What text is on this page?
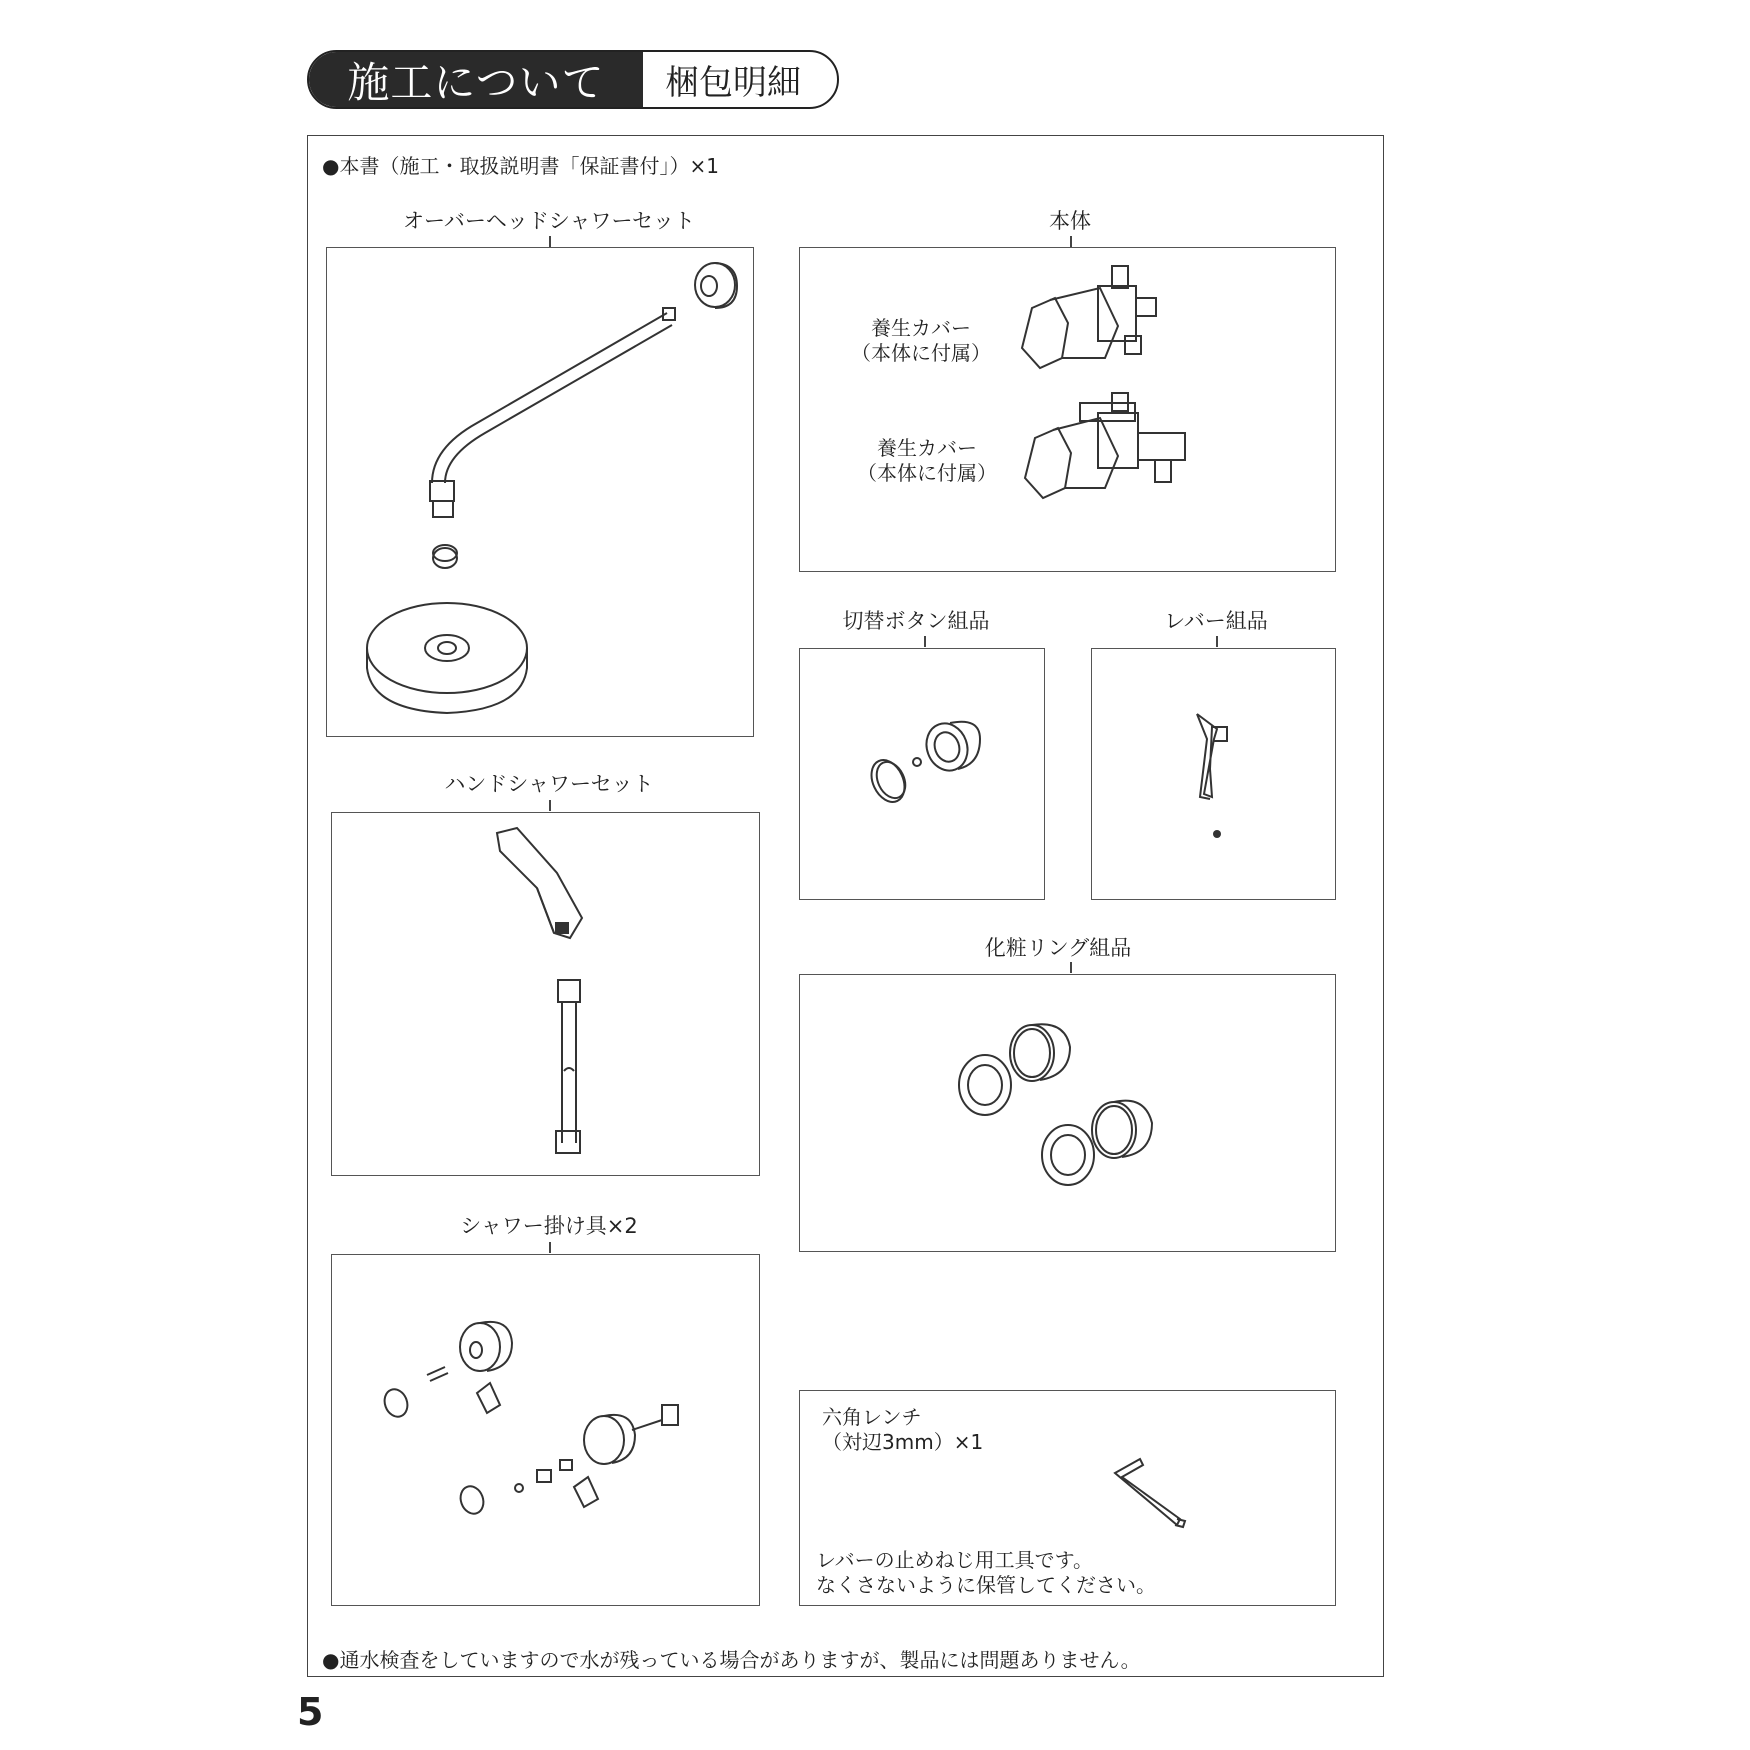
施工について	梱包明細
●本書（施工・取扱説明書「保証書付」）×1
オーバーヘッドシャワーセット	本体
養生カバー
（本体に付属）
養生カバー
（本体に付属）
切替ボタン組品	レバー組品
ハンドシャワーセット
化粧リング組品
シャワー掛け具×2
六角レンチ
（対辺3mm）×1
レバーの止めねじ用工具です。
なくさないように保管してください。
●通水検査をしていますので水が残っている場合がありますが、製品には問題ありません。
5
